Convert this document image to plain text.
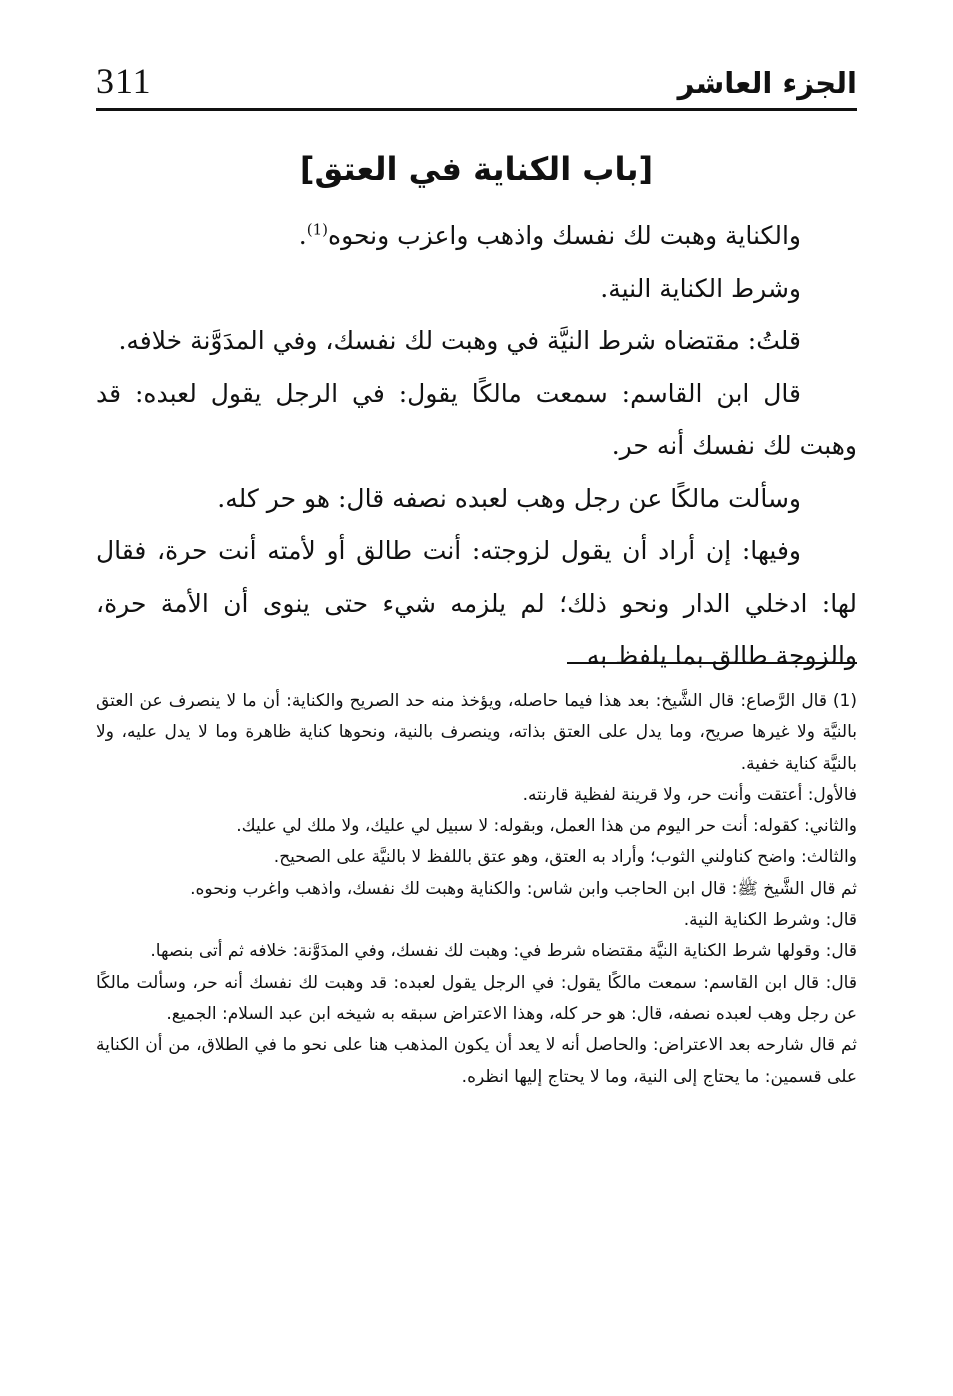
311	الجزء العاشر
[باب الكناية في العتق]

والكناية وهبت لك نفسك واذهب واعزب ونحوه$^{(1)}$.

وشرط الكناية النية.

قلتُ: مقتضاه شرط النيَّة في وهبت لك نفسك، وفي المدَوَّنة خلافه.

قال ابن القاسم: سمعت مالكًا يقول: في الرجل يقول لعبده: قد وهبت لك نفسك أنه حر.

وسألت مالكًا عن رجل وهب لعبده نصفه قال: هو حر كله.

وفيها: إن أراد أن يقول لزوجته: أنت طالق أو لأمته أنت حرة، فقال لها: ادخلي الدار ونحو ذلك؛ لم يلزمه شيء حتى ينوى أن الأمة حرة، والزوجة طالق بما يلفظ به

(1)قال الرَّصاع: قال الشَّيخ: بعد هذا فيما حاصله، ويؤخذ منه حد الصريح والكناية: أن ما لا ينصرف عن العتق بالنيَّة ولا غيرها صريح، وما يدل على العتق بذاته، وينصرف بالنية، ونحوها كناية ظاهرة وما لا يدل عليه، ولا بالنيَّة كناية خفية.

فالأول: أعتقت وأنت حر، ولا قرينة لفظية قارنته.

والثاني: كقوله: أنت حر اليوم من هذا العمل، وبقوله: لا سبيل لي عليك، ولا ملك لي عليك.

والثالث: واضح كناولني الثوب؛ وأراد به العتق، وهو عتق باللفظ لا بالنيَّة على الصحيح.

ثم قال الشَّيخ ﷺ: قال ابن الحاجب وابن شاس: والكناية وهبت لك نفسك، واذهب واغرب ونحوه.

قال: وشرط الكناية النية.

قال: وقولها شرط الكناية النيَّة مقتضاه شرط في: وهبت لك نفسك، وفي المدَوَّنة: خلافه ثم أتى بنصها.

قال: قال ابن القاسم: سمعت مالكًا يقول: في الرجل يقول لعبده: قد وهبت لك نفسك أنه حر، وسألت مالكًا عن رجل وهب لعبده نصفه، قال: هو حر كله، وهذا الاعتراض سبقه به شيخه ابن عبد السلام: الجميع.

ثم قال شارحه بعد الاعتراض: والحاصل أنه لا يعد أن يكون المذهب هنا على نحو ما في الطلاق، من أن الكناية على قسمين: ما يحتاج إلى النية، وما لا يحتاج إليها انظره.
